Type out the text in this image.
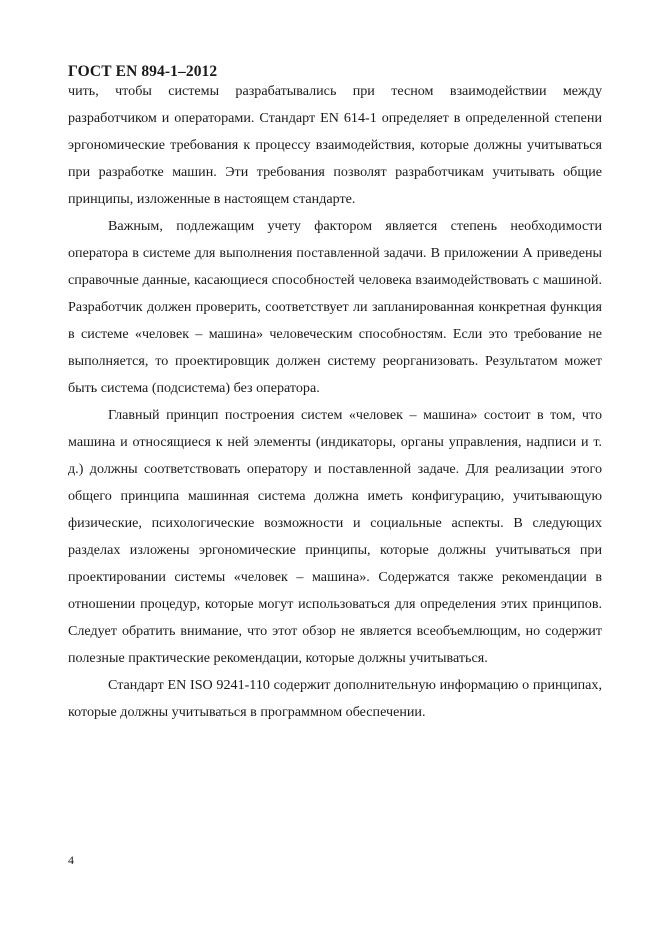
ГОСТ EN 894-1–2012

чить, чтобы системы разрабатывались при тесном взаимодействии между разработчиком и операторами. Стандарт EN 614-1 определяет в определенной степени эргономические требования к процессу взаимодействия, которые должны учитываться при разработке машин. Эти требования позволят разработчикам учитывать общие принципы, изложенные в настоящем стандарте.

Важным, подлежащим учету фактором является степень необходимости оператора в системе для выполнения поставленной задачи. В приложении А приведены справочные данные, касающиеся способностей человека взаимодействовать с машиной. Разработчик должен проверить, соответствует ли запланированная конкретная функция в системе «человек – машина» человеческим способностям. Если это требование не выполняется, то проектировщик должен систему реорганизовать. Результатом может быть система (подсистема) без оператора.

Главный принцип построения систем «человек – машина» состоит в том, что машина и относящиеся к ней элементы (индикаторы, органы управления, надписи и т. д.) должны соответствовать оператору и поставленной задаче. Для реализации этого общего принципа машинная система должна иметь конфигурацию, учитывающую физические, психологические возможности и социальные аспекты. В следующих разделах изложены эргономические принципы, которые должны учитываться при проектировании системы «человек – машина». Содержатся также рекомендации в отношении процедур, которые могут использоваться для определения этих принципов. Следует обратить внимание, что этот обзор не является всеобъемлющим, но содержит полезные практические рекомендации, которые должны учитываться.

Стандарт EN ISO 9241-110 содержит дополнительную информацию о принципах, которые должны учитываться в программном обеспечении.

4
